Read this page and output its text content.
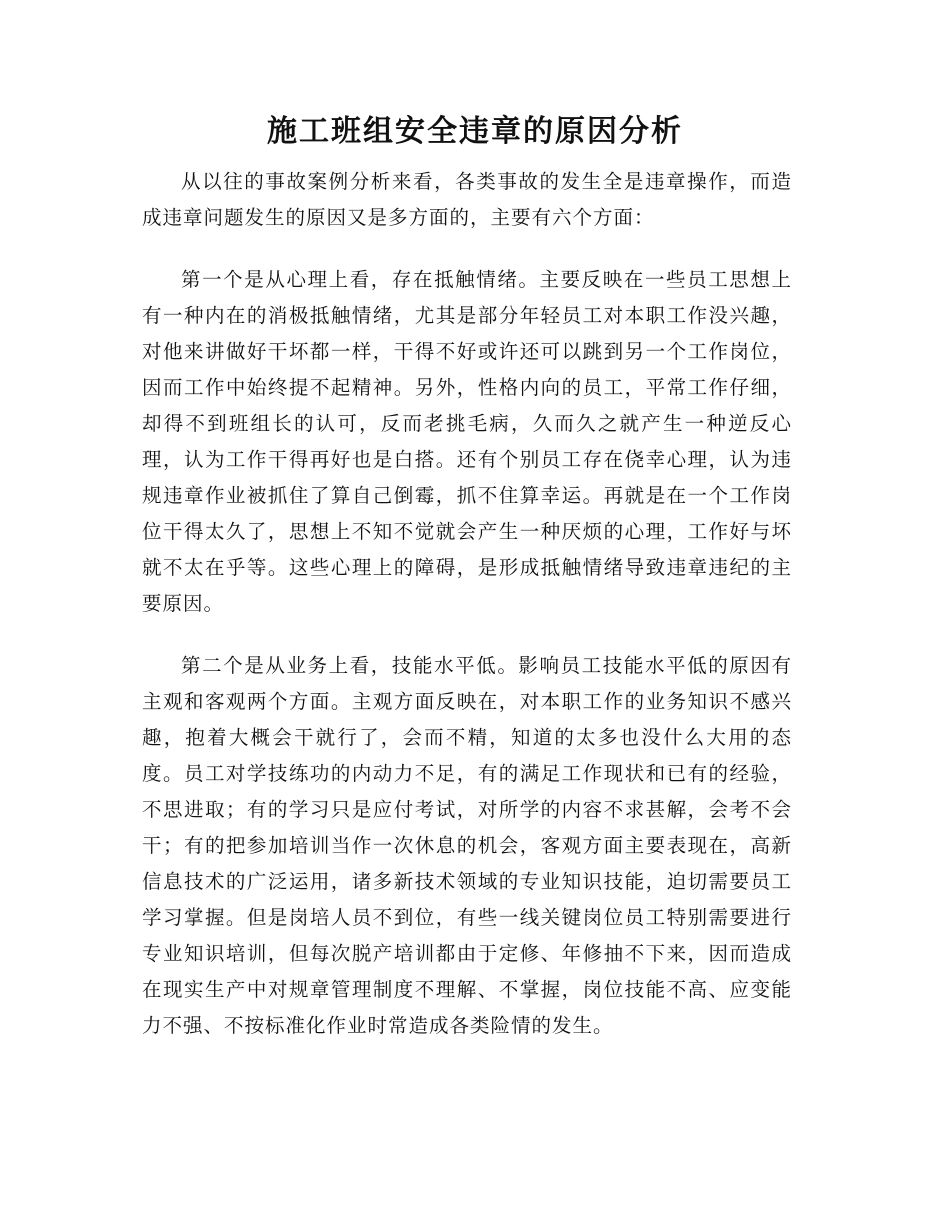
施工班组安全违章的原因分析

从以往的事故案例分析来看，各类事故的发生全是违章操作，而造成违章问题发生的原因又是多方面的，主要有六个方面：

第一个是从心理上看，存在抵触情绪。主要反映在一些员工思想上有一种内在的消极抵触情绪，尤其是部分年轻员工对本职工作没兴趣，对他来讲做好干坏都一样，干得不好或许还可以跳到另一个工作岗位，因而工作中始终提不起精神。另外，性格内向的员工，平常工作仔细，却得不到班组长的认可，反而老挑毛病，久而久之就产生一种逆反心理，认为工作干得再好也是白搭。还有个别员工存在侥幸心理，认为违规违章作业被抓住了算自己倒霉，抓不住算幸运。再就是在一个工作岗位干得太久了，思想上不知不觉就会产生一种厌烦的心理，工作好与坏就不太在乎等。这些心理上的障碍，是形成抵触情绪导致违章违纪的主要原因。

第二个是从业务上看，技能水平低。影响员工技能水平低的原因有主观和客观两个方面。主观方面反映在，对本职工作的业务知识不感兴趣，抱着大概会干就行了，会而不精，知道的太多也没什么大用的态度。员工对学技练功的内动力不足，有的满足工作现状和已有的经验，不思进取；有的学习只是应付考试，对所学的内容不求甚解，会考不会干；有的把参加培训当作一次休息的机会，客观方面主要表现在，高新信息技术的广泛运用，诸多新技术领域的专业知识技能，迫切需要员工学习掌握。但是岗培人员不到位，有些一线关键岗位员工特别需要进行专业知识培训，但每次脱产培训都由于定修、年修抽不下来，因而造成在现实生产中对规章管理制度不理解、不掌握，岗位技能不高、应变能力不强、不按标准化作业时常造成各类险情的发生。
